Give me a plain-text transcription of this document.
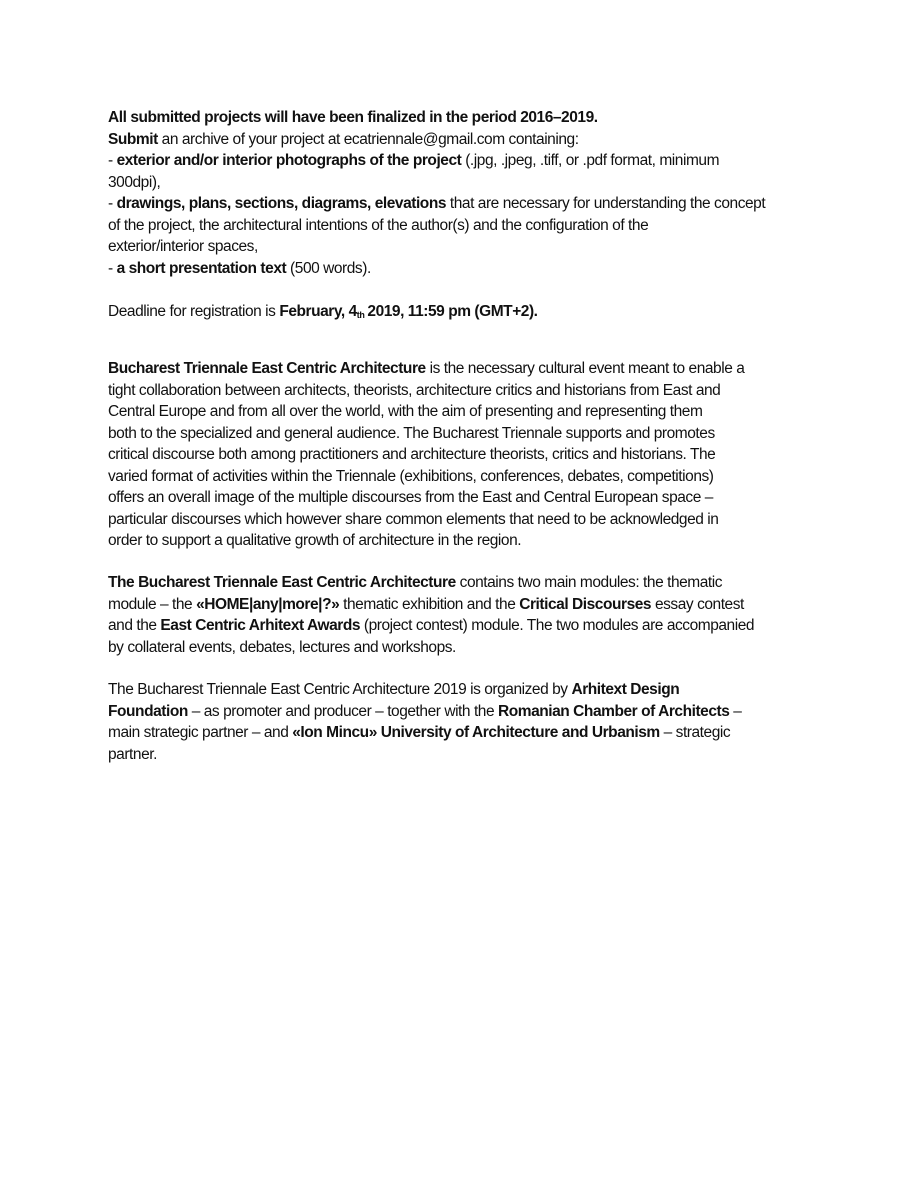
All submitted projects will have been finalized in the period 2016–2019.
Submit an archive of your project at ecatriennale@gmail.com containing:
- exterior and/or interior photographs of the project (.jpg, .jpeg, .tiff, or .pdf format, minimum
300dpi),
- drawings, plans, sections, diagrams, elevations that are necessary for understanding the concept
of the project, the architectural intentions of the author(s) and the configuration of the
exterior/interior spaces,
- a short presentation text (500 words).
Deadline for registration is February, $4_{th}$ 2019, 11:59 pm (GMT+2).
Bucharest Triennale East Centric Architecture is the necessary cultural event meant to enable a
tight collaboration between architects, theorists, architecture critics and historians from East and
Central Europe and from all over the world, with the aim of presenting and representing them
both to the specialized and general audience. The Bucharest Triennale supports and promotes
critical discourse both among practitioners and architecture theorists, critics and historians. The
varied format of activities within the Triennale (exhibitions, conferences, debates, competitions)
offers an overall image of the multiple discourses from the East and Central European space –
particular discourses which however share common elements that need to be acknowledged in
order to support a qualitative growth of architecture in the region.
The Bucharest Triennale East Centric Architecture contains two main modules: the thematic
module – the «HOME|any|more|?» thematic exhibition and the Critical Discourses essay contest
and the East Centric Arhitext Awards (project contest) module. The two modules are accompanied
by collateral events, debates, lectures and workshops.
The Bucharest Triennale East Centric Architecture 2019 is organized by Arhitext Design
Foundation – as promoter and producer – together with the Romanian Chamber of Architects –
main strategic partner – and «Ion Mincu» University of Architecture and Urbanism – strategic
partner.
